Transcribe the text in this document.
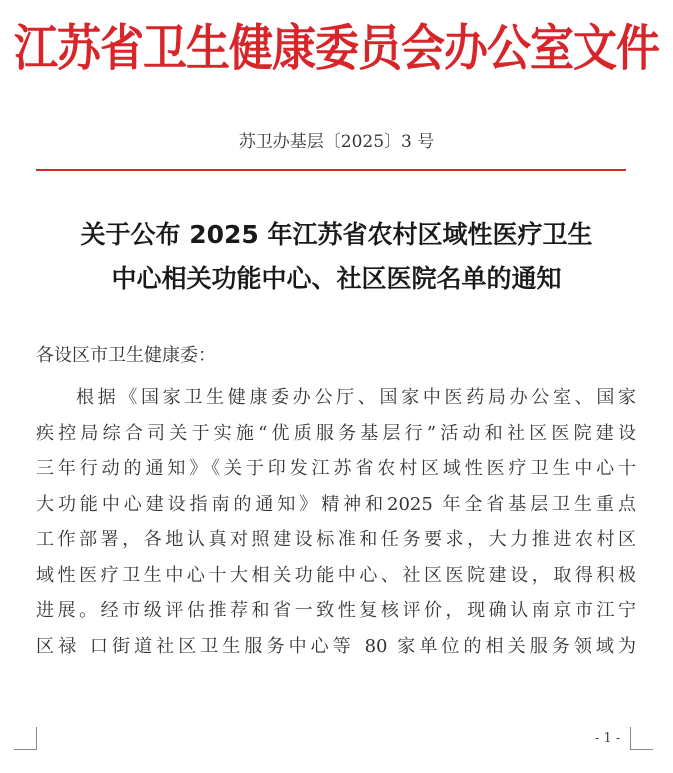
江苏省卫生健康委员会办公室文件
苏卫办基层〔2025〕3 号
关于公布 2025 年江苏省农村区域性医疗卫生
中心相关功能中心、社区医院名单的通知
各设区市卫生健康委：
根据《国家卫生健康委办公厅、国家中医药局办公室、国家
疾控局综合司关于实施“优质服务基层行”活动和社区医院建设
三年行动的通知》《关于印发江苏省农村区域性医疗卫生中心十
大功能中心建设指南的通知》精神和2025 年全省基层卫生重点
工作部署，各地认真对照建设标准和任务要求，大力推进农村区
域性医疗卫生中心十大相关功能中心、社区医院建设，取得积极
进展。经市级评估推荐和省一致性复核评价，现确认南京市江宁
区禄 口街道社区卫生服务中心等 80 家单位的相关服务领域为
- 1 -
